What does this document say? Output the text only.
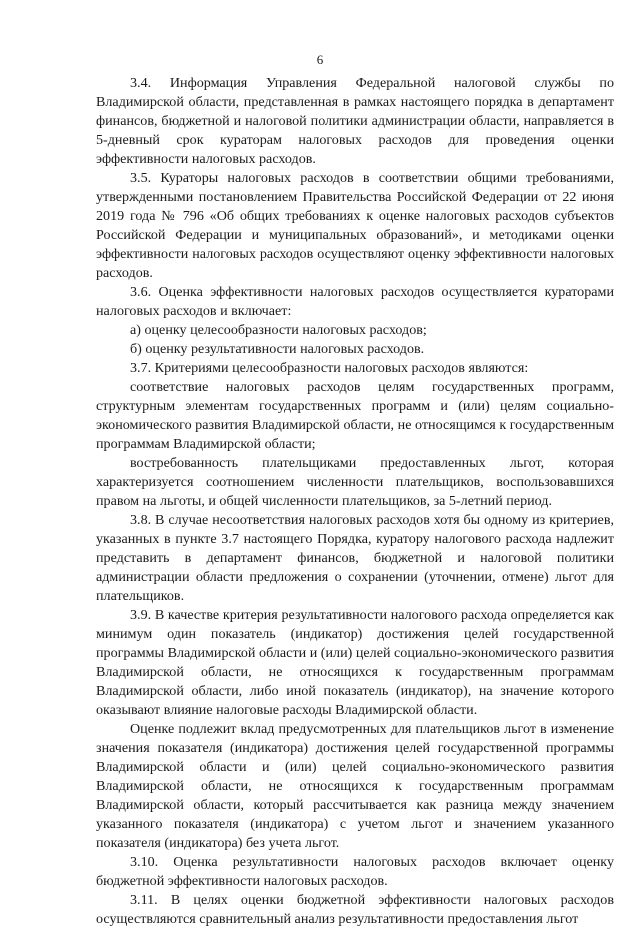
6

3.4. Информация Управления Федеральной налоговой службы по Владимирской области, представленная в рамках настоящего порядка в департамент финансов, бюджетной и налоговой политики администрации области, направляется в 5-дневный срок кураторам налоговых расходов для проведения оценки эффективности налоговых расходов.

3.5. Кураторы налоговых расходов в соответствии общими требованиями, утвержденными постановлением Правительства Российской Федерации от 22 июня 2019 года № 796 «Об общих требованиях к оценке налоговых расходов субъектов Российской Федерации и муниципальных образований», и методиками оценки эффективности налоговых расходов осуществляют оценку эффективности налоговых расходов.

3.6. Оценка эффективности налоговых расходов осуществляется кураторами налоговых расходов и включает:

а) оценку целесообразности налоговых расходов;

б) оценку результативности налоговых расходов.

3.7. Критериями целесообразности налоговых расходов являются:

соответствие налоговых расходов целям государственных программ, структурным элементам государственных программ и (или) целям социально-экономического развития Владимирской области, не относящимся к государственным программам Владимирской области;

востребованность плательщиками предоставленных льгот, которая характеризуется соотношением численности плательщиков, воспользовавшихся правом на льготы, и общей численности плательщиков, за 5-летний период.

3.8. В случае несоответствия налоговых расходов хотя бы одному из критериев, указанных в пункте 3.7 настоящего Порядка, куратору налогового расхода надлежит представить в департамент финансов, бюджетной и налоговой политики администрации области предложения о сохранении (уточнении, отмене) льгот для плательщиков.

3.9. В качестве критерия результативности налогового расхода определяется как минимум один показатель (индикатор) достижения целей государственной программы Владимирской области и (или) целей социально-экономического развития Владимирской области, не относящихся к государственным программам Владимирской области, либо иной показатель (индикатор), на значение которого оказывают влияние налоговые расходы Владимирской области.

Оценке подлежит вклад предусмотренных для плательщиков льгот в изменение значения показателя (индикатора) достижения целей государственной программы Владимирской области и (или) целей социально-экономического развития Владимирской области, не относящихся к государственным программам Владимирской области, который рассчитывается как разница между значением указанного показателя (индикатора) с учетом льгот и значением указанного показателя (индикатора) без учета льгот.

3.10. Оценка результативности налоговых расходов включает оценку бюджетной эффективности налоговых расходов.

3.11. В целях оценки бюджетной эффективности налоговых расходов осуществляются сравнительный анализ результативности предоставления льгот
